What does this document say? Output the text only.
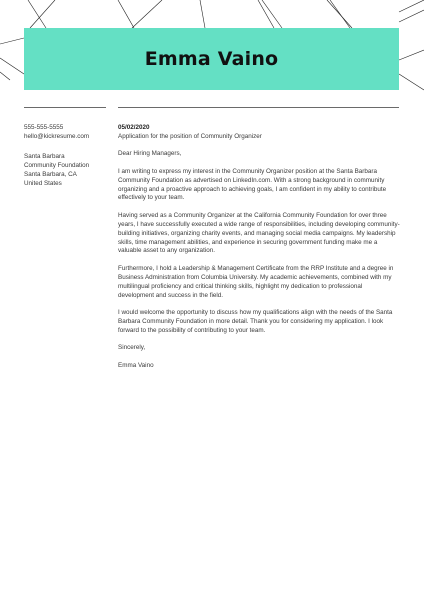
Emma Vaino
555-555-5555
hello@kickresume.com
Santa Barbara
Community Foundation
Santa Barbara, CA
United States
05/02/2020
Application for the position of Community Organizer

Dear Hiring Managers,

I am writing to express my interest in the Community Organizer position at the Santa Barbara Community Foundation as advertised on LinkedIn.com. With a strong background in community organizing and a proactive approach to achieving goals, I am confident in my ability to contribute effectively to your team.

Having served as a Community Organizer at the California Community Foundation for over three years, I have successfully executed a wide range of responsibilities, including developing community-building initiatives, organizing charity events, and managing social media campaigns. My leadership skills, time management abilities, and experience in securing government funding make me a valuable asset to any organization.

Furthermore, I hold a Leadership & Management Certificate from the RRP Institute and a degree in Business Administration from Columbia University. My academic achievements, combined with my multilingual proficiency and critical thinking skills, highlight my dedication to professional development and success in the field.

I would welcome the opportunity to discuss how my qualifications align with the needs of the Santa Barbara Community Foundation in more detail. Thank you for considering my application. I look forward to the possibility of contributing to your team.

Sincerely,

Emma Vaino
